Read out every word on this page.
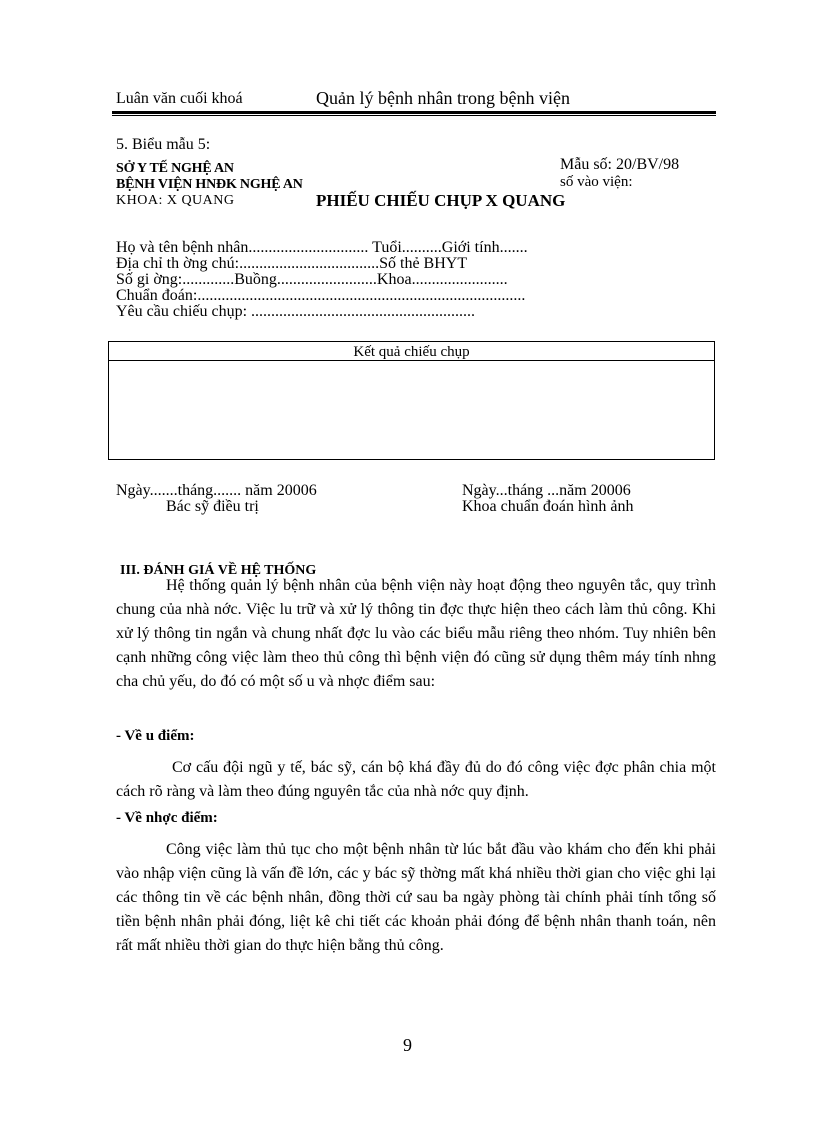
Luân văn cuối khoá	Quản lý bệnh nhân trong bệnh viện
5. Biểu mẫu 5:
SỞ Y TẾ NGHỆ AN
BỆNH VIỆN HNĐK NGHỆ AN
KHOA: X QUANG	PHIẾU CHIẾU CHỤP X QUANG
Mẫu số: 20/BV/98
số vào viện:
Họ và tên bệnh nhân.............................. Tuổi..........Giới tính.......
Địa chỉ th ờng chú:...................................Số thẻ BHYT
Số gi ờng:.............Buồng.........................Khoa........................
Chuẩn đoán:..................................................................................
Yêu cầu chiếu chụp: ........................................................
Kết quả chiếu chụp
Ngày.......tháng....... năm 20006
Bác sỹ điều trị
Ngày...tháng ...năm 20006
Khoa chuẩn đoán hình ảnh
III. ĐÁNH GIÁ VỀ HỆ THỐNG
Hệ thống quản lý bệnh nhân của bệnh viện này hoạt động theo nguyên tắc, quy trình chung của nhà nớc. Việc lu trữ và xử lý thông tin đợc thực hiện theo cách làm thủ công. Khi xử lý thông tin ngắn và chung nhất đợc lu vào các biểu mẫu riêng theo nhóm. Tuy nhiên bên cạnh những công việc làm theo thủ công thì bệnh viện đó cũng sử dụng thêm máy tính nhng cha chủ yếu, do đó có một số u và nhợc điểm sau:
- Về u điểm:
Cơ cấu đội ngũ y tế, bác sỹ, cán bộ khá đầy đủ do đó công việc đợc phân chia một cách rõ ràng và làm theo đúng nguyên tắc của nhà nớc quy định.
- Về nhợc điểm:
Công việc làm thủ tục cho một bệnh nhân từ lúc bắt đầu vào khám cho đến khi phải vào nhập viện cũng là vấn đề lớn, các y bác sỹ thờng mất khá nhiều thời gian cho việc ghi lại các thông tin về các bệnh nhân, đồng thời cứ sau ba ngày phòng tài chính phải tính tổng số tiền bệnh nhân phải đóng, liệt kê chi tiết các khoản phải đóng để bệnh nhân thanh toán, nên rất mất nhiều thời gian do thực hiện bằng thủ công.
9
